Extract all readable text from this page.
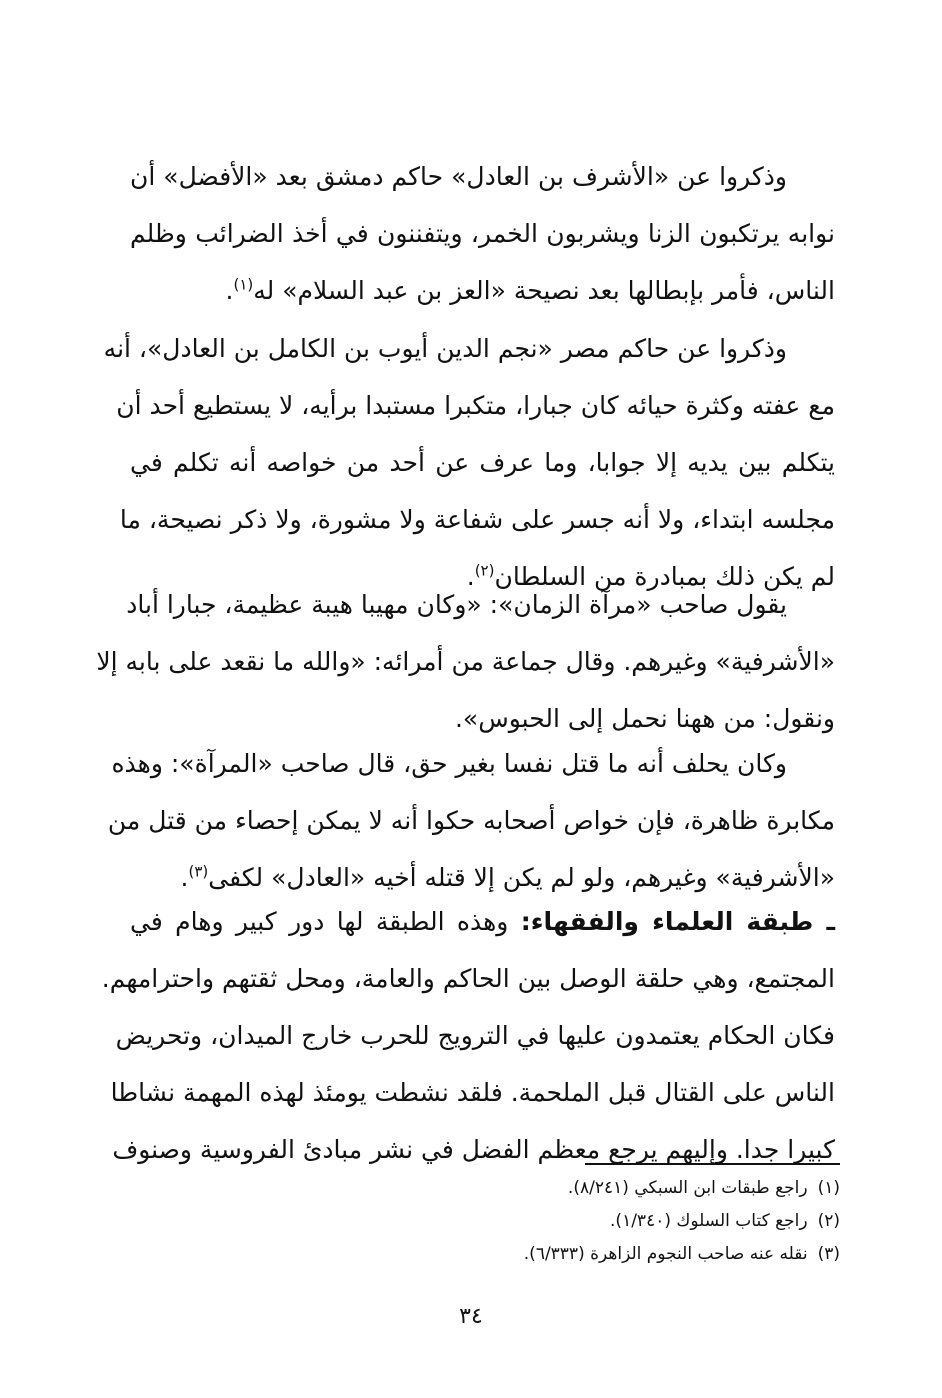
وذكروا عن «الأشرف بن العادل» حاكم دمشق بعد «الأفضل» أن
نوابه يرتكبون الزنا ويشربون الخمر، ويتفننون في أخذ الضرائب وظلم
الناس، فأمر بإبطالها بعد نصيحة «العز بن عبد السلام» له$^{(١)}$.
وذكروا عن حاكم مصر «نجم الدين أيوب بن الكامل بن العادل»، أنه
مع عفته وكثرة حيائه كان جبارا، متكبرا مستبدا برأيه، لا يستطيع أحد أن
يتكلم بين يديه إلا جوابا، وما عرف عن أحد من خواصه أنه تكلم في
مجلسه ابتداء، ولا أنه جسر على شفاعة ولا مشورة، ولا ذكر نصيحة، ما
لم يكن ذلك بمبادرة من السلطان$^{(٢)}$.
يقول صاحب «مرآة الزمان»: «وكان مهيبا هيبة عظيمة، جبارا أباد
«الأشرفية» وغيرهم. وقال جماعة من أمرائه: «والله ما نقعد على بابه إلا
ونقول: من ههنا نحمل إلى الحبوس».
وكان يحلف أنه ما قتل نفسا بغير حق، قال صاحب «المرآة»: وهذه
مكابرة ظاهرة، فإن خواص أصحابه حكوا أنه لا يمكن إحصاء من قتل من
«الأشرفية» وغيرهم، ولو لم يكن إلا قتله أخيه «العادل» لكفى$^{(٣)}$.
ـ طبقة العلماء والفقهاء: وهذه الطبقة لها دور كبير وهام في
المجتمع، وهي حلقة الوصل بين الحاكم والعامة، ومحل ثقتهم واحترامهم.
فكان الحكام يعتمدون عليها في الترويج للحرب خارج الميدان، وتحريض
الناس على القتال قبل الملحمة. فلقد نشطت يومئذ لهذه المهمة نشاطا
كبيرا جدا. وإليهم يرجع معظم الفضل في نشر مبادئ الفروسية وصنوف
(١)راجع طبقات ابن السبكي (٨/٢٤١).
(٢)راجع كتاب السلوك (١/٣٤٠).
(٣)نقله عنه صاحب النجوم الزاهرة (٦/٣٣٣).
٣٤
